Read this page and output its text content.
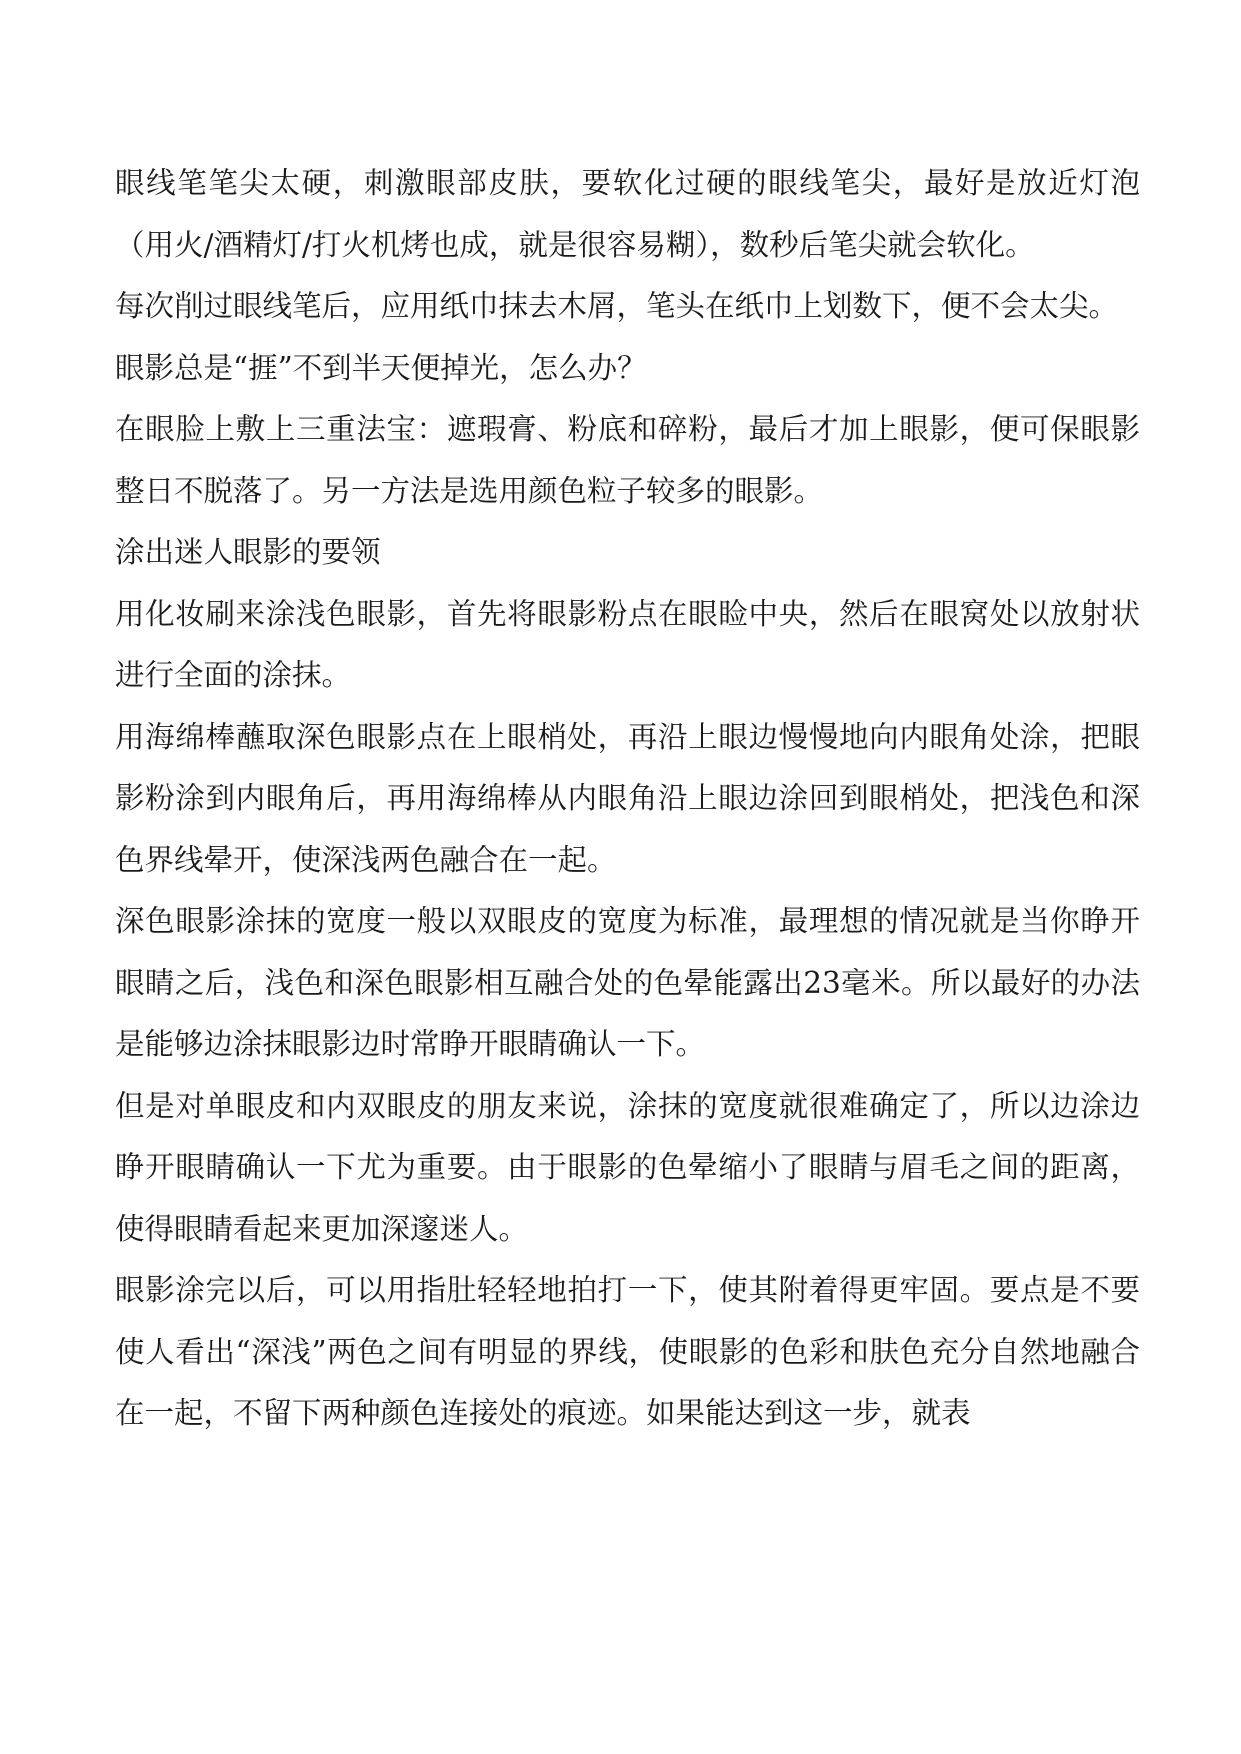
眼线笔笔尖太硬，刺激眼部皮肤，要软化过硬的眼线笔尖，最好是放近灯泡（用火/酒精灯/打火机烤也成，就是很容易糊），数秒后笔尖就会软化。

每次削过眼线笔后，应用纸巾抹去木屑，笔头在纸巾上划数下，便不会太尖。

眼影总是“捱”不到半天便掉光，怎么办？

在眼脸上敷上三重法宝：遮瑕膏、粉底和碎粉，最后才加上眼影，便可保眼影整日不脱落了。另一方法是选用颜色粒子较多的眼影。

涂出迷人眼影的要领

用化妆刷来涂浅色眼影，首先将眼影粉点在眼睑中央，然后在眼窝处以放射状进行全面的涂抹。

用海绵棒蘸取深色眼影点在上眼梢处，再沿上眼边慢慢地向内眼角处涂，把眼影粉涂到内眼角后，再用海绵棒从内眼角沿上眼边涂回到眼梢处，把浅色和深色界线晕开，使深浅两色融合在一起。

深色眼影涂抹的宽度一般以双眼皮的宽度为标准，最理想的情况就是当你睁开眼睛之后，浅色和深色眼影相互融合处的色晕能露出23毫米。所以最好的办法是能够边涂抹眼影边时常睁开眼睛确认一下。

但是对单眼皮和内双眼皮的朋友来说，涂抹的宽度就很难确定了，所以边涂边睁开眼睛确认一下尤为重要。由于眼影的色晕缩小了眼睛与眉毛之间的距离，使得眼睛看起来更加深邃迷人。

眼影涂完以后，可以用指肚轻轻地拍打一下，使其附着得更牢固。要点是不要使人看出“深浅”两色之间有明显的界线，使眼影的色彩和肤色充分自然地融合在一起，不留下两种颜色连接处的痕迹。如果能达到这一步，就表
